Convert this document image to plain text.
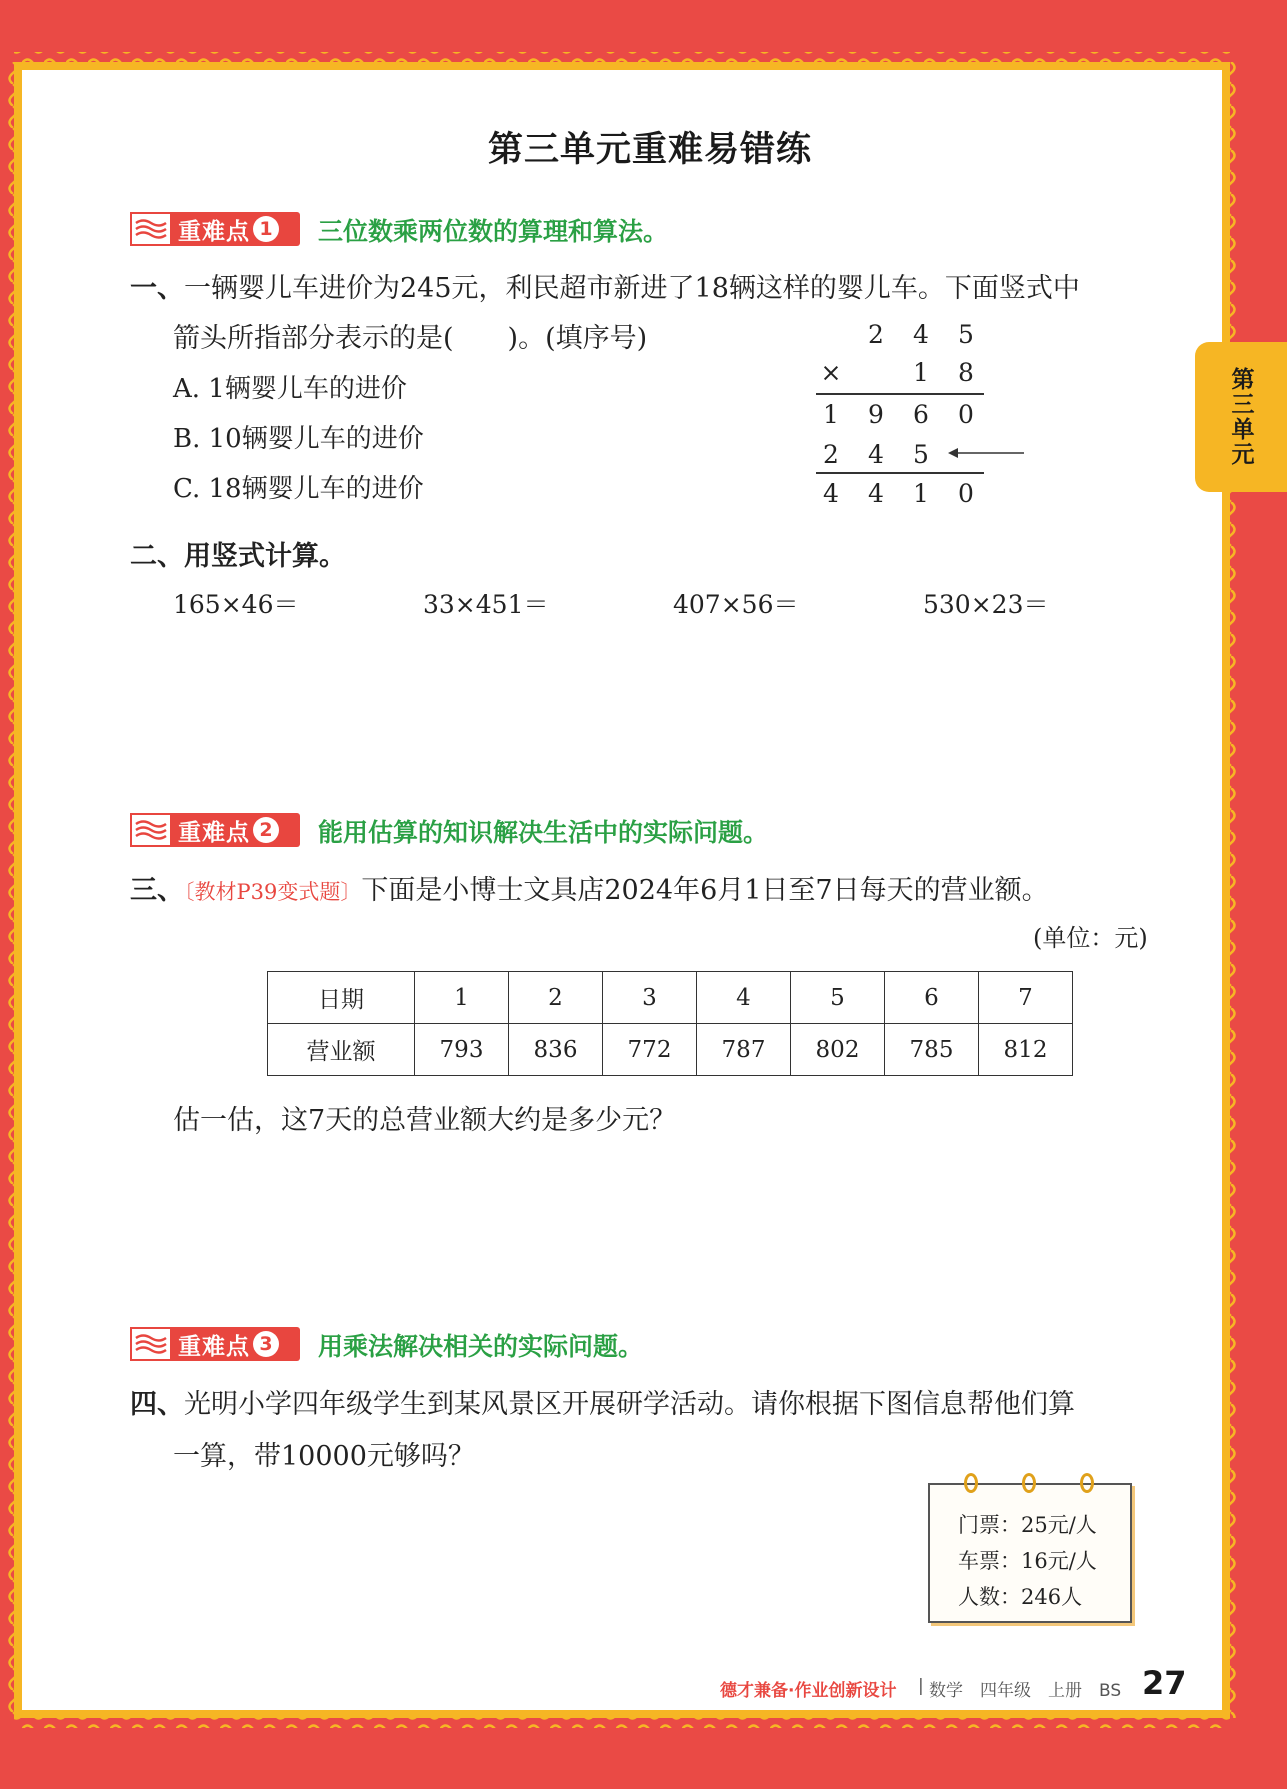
第三单元重难易错练
第三单元
重难点 1 三位数乘两位数的算理和算法。
一、一辆婴儿车进价为245元，利民超市新进了18辆这样的婴儿车。下面竖式中
箭头所指部分表示的是(　　)。(填序号)
A. 1辆婴儿车的进价
B. 10辆婴儿车的进价
C. 18辆婴儿车的进价
2 4 5
×	1 8
1 9 6 0
2 4 5
4 4 1 0
二、用竖式计算。
165×46＝	33×451＝	407×56＝	530×23＝
重难点 2 能用估算的知识解决生活中的实际问题。
三、〔教材P39变式题〕下面是小博士文具店2024年6月1日至7日每天的营业额。
(单位：元)
日期	1	2	3	4	5	6	7
营业额	793	836	772	787	802	785	812
估一估，这7天的总营业额大约是多少元？
重难点 3 用乘法解决相关的实际问题。
四、光明小学四年级学生到某风景区开展研学活动。请你根据下图信息帮他们算
一算，带10000元够吗？
门票：25元/人
车票：16元/人
人数：246人
德才兼备·作业创新设计 | 数学　四年级　上册　BS 27
